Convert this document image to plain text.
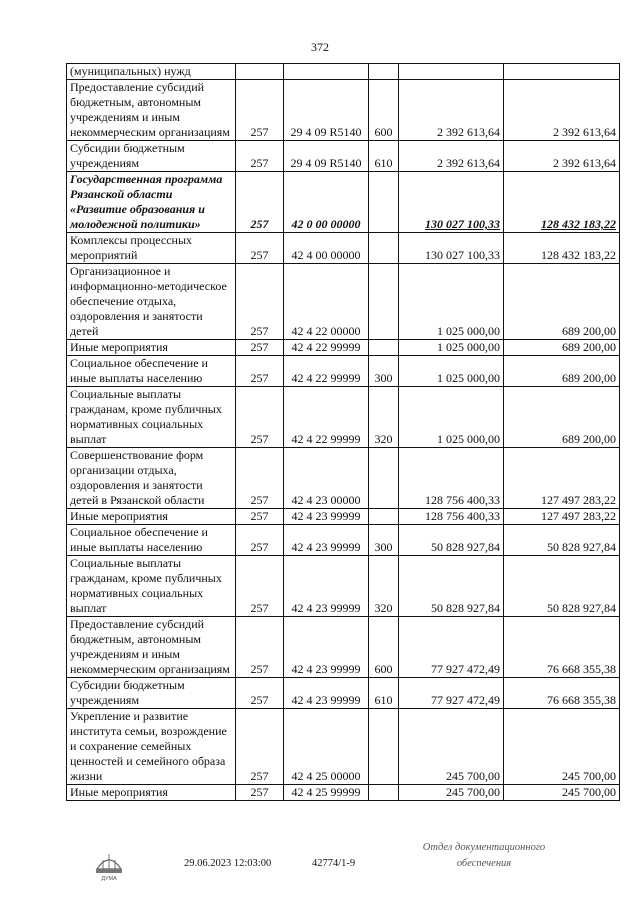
372
(муниципальных) нужд					
Предоставление субсидий бюджетным, автономным учреждениям и иным некоммерческим организациям	257	29 4 09 R5140	600	2 392 613,64	2 392 613,64
Субсидии бюджетным учреждениям	257	29 4 09 R5140	610	2 392 613,64	2 392 613,64
Государственная программа Рязанской области «Развитие образования и молодежной политики»	257	42 0 00 00000		130 027 100,33	128 432 183,22
Комплексы процессных мероприятий	257	42 4 00 00000		130 027 100,33	128 432 183,22
Организационное и информационно-методическое обеспечение отдыха, оздоровления и занятости детей	257	42 4 22 00000		1 025 000,00	689 200,00
Иные мероприятия	257	42 4 22 99999		1 025 000,00	689 200,00
Социальное обеспечение и иные выплаты населению	257	42 4 22 99999	300	1 025 000,00	689 200,00
Социальные выплаты гражданам, кроме публичных нормативных социальных выплат	257	42 4 22 99999	320	1 025 000,00	689 200,00
Совершенствование форм организации отдыха, оздоровления и занятости детей в Рязанской области	257	42 4 23 00000		128 756 400,33	127 497 283,22
Иные мероприятия	257	42 4 23 99999		128 756 400,33	127 497 283,22
Социальное обеспечение и иные выплаты населению	257	42 4 23 99999	300	50 828 927,84	50 828 927,84
Социальные выплаты гражданам, кроме публичных нормативных социальных выплат	257	42 4 23 99999	320	50 828 927,84	50 828 927,84
Предоставление субсидий бюджетным, автономным учреждениям и иным некоммерческим организациям	257	42 4 23 99999	600	77 927 472,49	76 668 355,38
Субсидии бюджетным учреждениям	257	42 4 23 99999	610	77 927 472,49	76 668 355,38
Укрепление и развитие института семьи, возрождение и сохранение семейных ценностей и семейного образа жизни	257	42 4 25 00000		245 700,00	245 700,00
Иные мероприятия	257	42 4 25 99999		245 700,00	245 700,00
ДУМА
29.06.2023 12:03:00	42774/1-9
Отдел документационного
обеспечения
